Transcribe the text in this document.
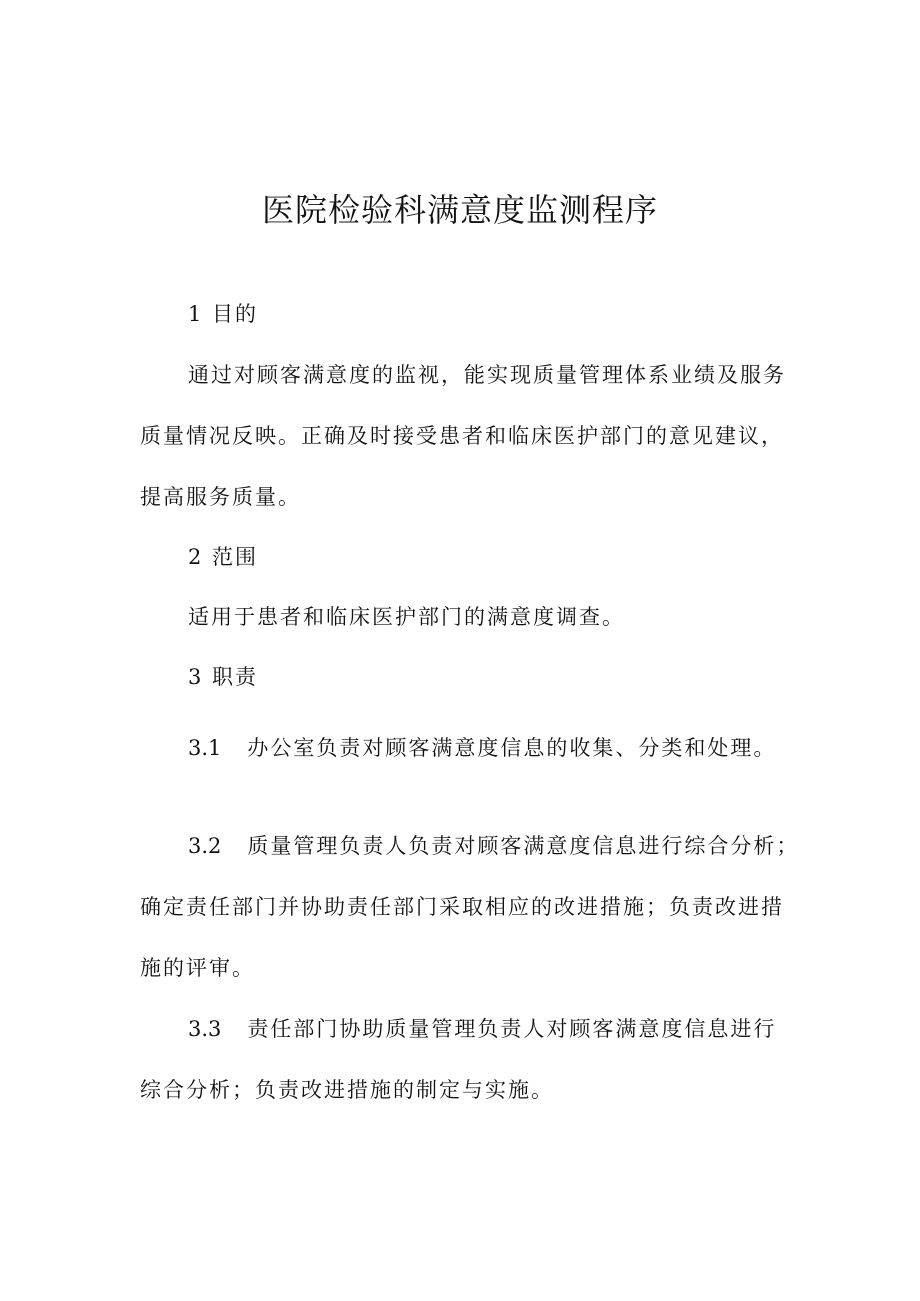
医院检验科满意度监测程序
1 目的
通过对顾客满意度的监视，能实现质量管理体系业绩及服务
质量情况反映。正确及时接受患者和临床医护部门的意见建议，
提高服务质量。
2 范围
适用于患者和临床医护部门的满意度调查。
3 职责
3.1 办公室负责对顾客满意度信息的收集、分类和处理。
3.2 质量管理负责人负责对顾客满意度信息进行综合分析；
确定责任部门并协助责任部门采取相应的改进措施；负责改进措
施的评审。
3.3 责任部门协助质量管理负责人对顾客满意度信息进行
综合分析；负责改进措施的制定与实施。
